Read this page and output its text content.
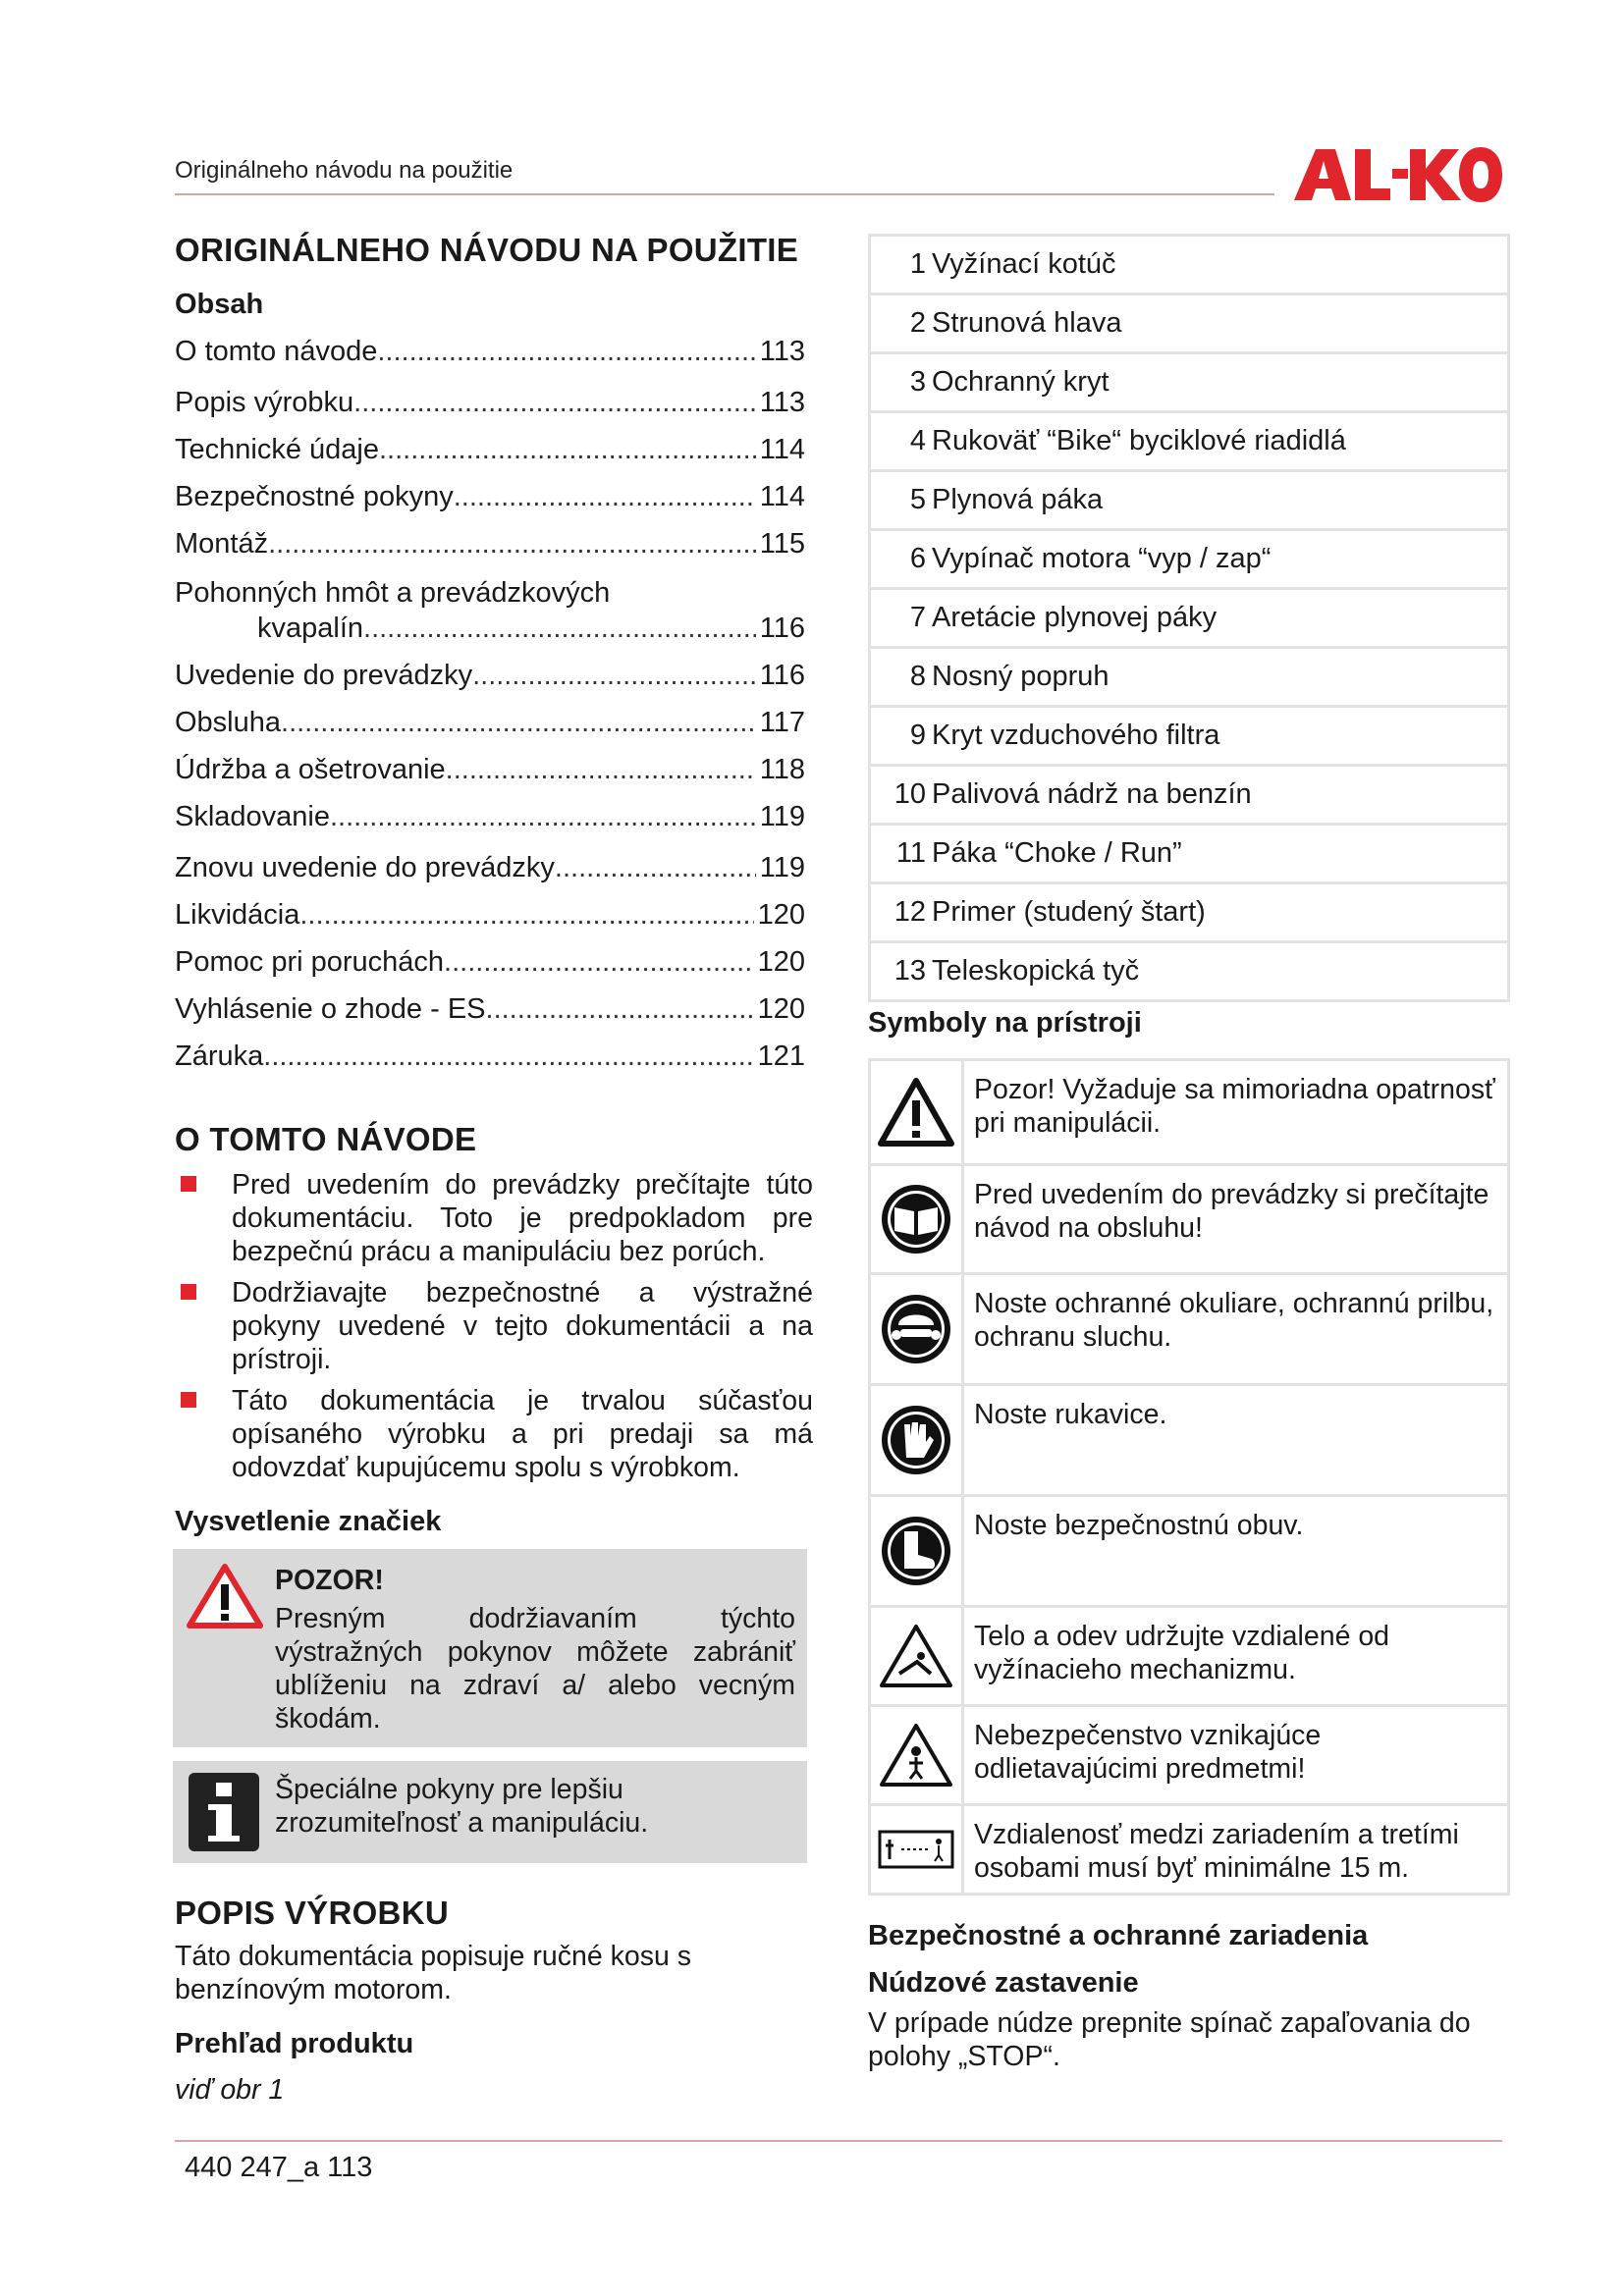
Originálneho návodu na použitie
ORIGINÁLNEHO NÁVODU NA POUŽITIE
Obsah
O tomto návode .....	113
Popis výrobku .....	113
Technické údaje .....	114
Bezpečnostné pokyny .....	114
Montáž .....	115
Pohonných hmôt a prevádzkových
kvapalín .....	116
Uvedenie do prevádzky .....	116
Obsluha .....	117
Údržba a ošetrovanie .....	118
Skladovanie .....	119
Znovu uvedenie do prevádzky .....	119
Likvidácia .....	120
Pomoc pri poruchách .....	120
Vyhlásenie o zhode - ES .....	120
Záruka .....	121
O TOMTO NÁVODE
Pred uvedením do prevádzky prečítajte túto dokumentáciu. Toto je predpokladom pre bezpečnú prácu a manipuláciu bez porúch.
Dodržiavajte bezpečnostné a výstražné pokyny uvedené v tejto dokumentácii a na prístroji.
Táto dokumentácia je trvalou súčasťou opísaného výrobku a pri predaji sa má odovzdať kupujúcemu spolu s výrobkom.
Vysvetlenie značiek
POZOR!
Presným dodržiavaním týchto výstražných pokynov môžete zabrániť ublíženiu na zdraví a/ alebo vecným škodám.
Špeciálne pokyny pre lepšiu zrozumiteľnosť a manipuláciu.
POPIS VÝROBKU
Táto dokumentácia popisuje ručné kosu s benzínovým motorom.
Prehľad produktu
viď obr 1
1 Vyžínací kotúč
2 Strunová hlava
3 Ochranný kryt
4 Rukoväť “Bike“ byciklové riadidlá
5 Plynová páka
6 Vypínač motora “vyp / zap“
7 Aretácie plynovej páky
8 Nosný popruh
9 Kryt vzduchového filtra
10 Palivová nádrž na benzín
11 Páka “Choke / Run”
12 Primer (studený štart)
13 Teleskopická tyč
Symboly na prístroji
Pozor! Vyžaduje sa mimoriadna opatrnosť pri manipulácii.
Pred uvedením do prevádzky si prečítajte návod na obsluhu!
Noste ochranné okuliare, ochrannú prilbu, ochranu sluchu.
Noste rukavice.
Noste bezpečnostnú obuv.
Telo a odev udržujte vzdialené od vyžínacieho mechanizmu.
Nebezpečenstvo vznikajúce odlietavajúcimi predmetmi!
Vzdialenosť medzi zariadením a tretími osobami musí byť minimálne 15 m.
Bezpečnostné a ochranné zariadenia
Núdzové zastavenie
V prípade núdze prepnite spínač zapaľovania do polohy „STOP“.
440 247_a 113
